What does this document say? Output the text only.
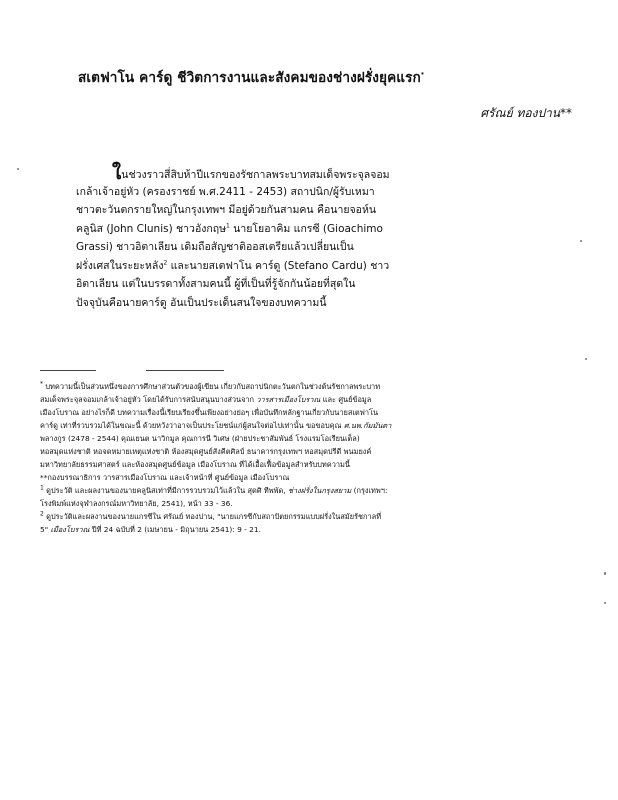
สเตฟาโน คาร์ดู ชีวิตการงานและสังคมของช่างฝรั่งยุคแรก*
ศรัณย์ ทองปาน**
ในช่วงราวสี่สิบห้าปีแรกของรัชกาลพระบาทสมเด็จพระจุลจอม
เกล้าเจ้าอยู่หัว (ครองราชย์ พ.ศ.2411 - 2453) สถาปนิก/ผู้รับเหมา
ชาวตะวันตกรายใหญ่ในกรุงเทพฯ มีอยู่ด้วยกันสามคน คือนายจอห์น
คลูนิส (John Clunis) ชาวอังกฤษ$^1$ นายโยอาคิม แกรซี (Gioachimo
Grassi) ชาวอิตาเลียน เดิมถือสัญชาติออสเตรียแล้วเปลี่ยนเป็น
ฝรั่งเศสในระยะหลัง$^2$ และนายสเตฟาโน คาร์ดู (Stefano Cardu) ชาว
อิตาเลียน แต่ในบรรดาทั้งสามคนนี้ ผู้ที่เป็นที่รู้จักกันน้อยที่สุดใน
ปัจจุบันคือนายคาร์ดู อันเป็นประเด็นสนใจของบทความนี้
* บทความนี้เป็นส่วนหนึ่งของการศึกษาส่วนตัวของผู้เขียน เกี่ยวกับสถาปนิกตะวันตกในช่วงต้นรัชกาลพระบาท
สมเด็จพระจุลจอมเกล้าเจ้าอยู่หัว โดยได้รับการสนับสนุนบางส่วนจาก วารสารเมืองโบราณ และ ศูนย์ข้อมูล
เมืองโบราณ อย่างไรก็ดี บทความเรื่องนี้เรียบเรียงขึ้นเพียงอย่างย่อๆ เพื่อบันทึกหลักฐานเกี่ยวกับนายสเตฟาโน
คาร์ดู เท่าที่รวบรวมได้ในขณะนี้ ด้วยหวังว่าอาจเป็นประโยชน์แก่ผู้สนใจต่อไปเท่านั้น ขอขอบคุณ ศ.นพ.กัมมันตา
พลางกูร (2478 - 2544) คุณเยนต นาวิกมูล คุณการนี วิเศษ (ฝ่ายประชาสัมพันธ์ โรงแรมโอเรียนเต็ล)
หอสมุดแห่งชาติ หอจดหมายเหตุแห่งชาติ ห้องสมุดศูนย์สังคีตศิลป์ ธนาคารกรุงเทพฯ หอสมุดปรีดี พนมยงค์
มหาวิทยาลัยธรรมศาสตร์ และห้องสมุดศูนย์ข้อมูล เมืองโบราณ ที่ได้เอื้อเฟื้อข้อมูลสำหรับบทความนี้
**กองบรรณาธิการ วารสารเมืองโบราณ และเจ้าหน้าที่ ศูนย์ข้อมูล เมืองโบราณ
$^1$ ดูประวัติ และผลงานของนายคลูนิสเท่าที่มีการรวบรวมไว้แล้วใน สุดศิ ทีพพัด, ช่างฝรั่งในกรุงสยาม (กรุงเทพฯ:
โรงพิมพ์แห่งจุฬาลงกรณ์มหาวิทยาลัย, 2541), หน้า 33 - 36.
$^2$ ดูประวัติและผลงานของนายแกรซีใน ศรัณย์ ทองปาน, "นายแกรซีกับสถาปัตยกรรมแบบฝรั่งในสมัยรัชกาลที่
5" เมืองโบราณ ปีที่ 24 ฉบับที่ 2 (เมษายน - มิถุนายน 2541): 9 - 21.
